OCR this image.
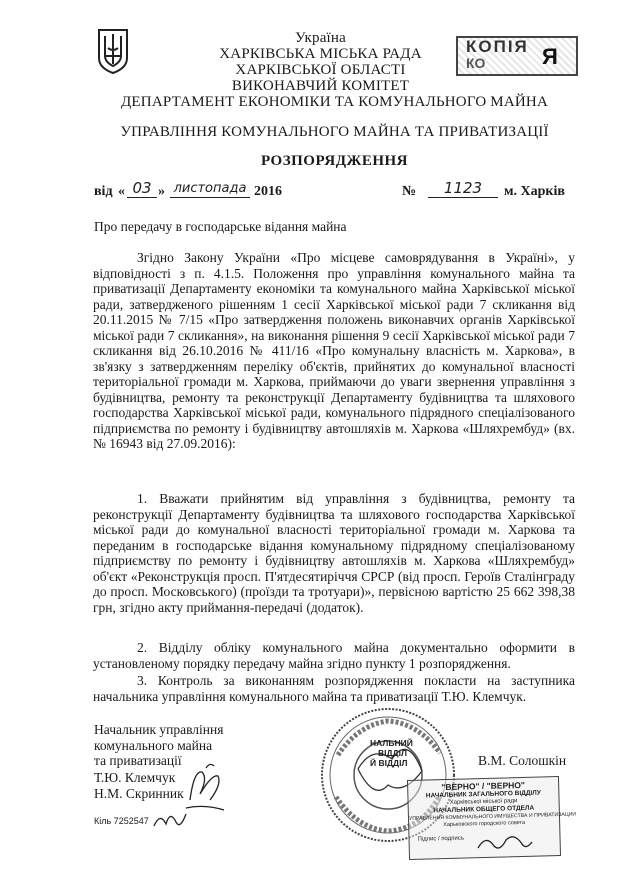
Україна
ХАРКІВСЬКА МІСЬКА РАДА
ХАРКІВСЬКОЇ ОБЛАСТІ
ВИКОНАВЧИЙ КОМІТЕТ
ДЕПАРТАМЕНТ ЕКОНОМІКИ ТА КОМУНАЛЬНОГО МАЙНА
УПРАВЛІННЯ КОМУНАЛЬНОГО МАЙНА ТА ПРИВАТИЗАЦІЇ
РОЗПОРЯДЖЕННЯ
КОПІЯ
КО	Я
від « 03 » листопада 2016	№	1123	м. Харків
Про передачу в господарське відання майна
Згідно Закону України «Про місцеве самоврядування в Україні», у відповідності з п. 4.1.5. Положення про управління комунального майна та приватизації Департаменту економіки та комунального майна Харківської міської ради, затвердженого рішенням 1 сесії Харківської міської ради 7 скликання від 20.11.2015 № 7/15 «Про затвердження положень виконавчих органів Харківської міської ради 7 скликання», на виконання рішення 9 сесії Харківської міської ради 7 скликання від 26.10.2016 № 411/16 «Про комунальну власність м. Харкова», в зв'язку з затвердженням переліку об'єктів, прийнятих до комунальної власності територіальної громади м. Харкова, приймаючи до уваги звернення управління з будівництва, ремонту та реконструкції Департаменту будівництва та шляхового господарства Харківської міської ради, комунального підрядного спеціалізованого підприємства по ремонту і будівництву автошляхів м. Харкова «Шляхрембуд» (вх. № 16943 від 27.09.2016):
1. Вважати прийнятим від управління з будівництва, ремонту та реконструкції Департаменту будівництва та шляхового господарства Харківської міської ради до комунальної власності територіальної громади м. Харкова та переданим в господарське відання комунальному підрядному спеціалізованому підприємству по ремонту і будівництву автошляхів м. Харкова «Шляхрембуд» об'єкт «Реконструкція просп. П'ятдесятиріччя СРСР (від просп. Героїв Сталінграду до просп. Московського) (проїзди та тротуари)», первісною вартістю 25 662 398,38 грн, згідно акту приймання-передачі (додаток).
2. Відділу обліку комунального майна документально оформити в установленому порядку передачу майна згідно пункту 1 розпорядження.
3. Контроль за виконанням розпорядження покласти на заступника начальника управління комунального майна та приватизації Т.Ю. Клемчук.
Начальник управління
комунального майна
та приватизації	В.М. Солошкін
Т.Ю. Клемчук
Н.М. Скринник
Кіль 7252547
НАЛЬНИЙ
ВІДДІЛ
Й ВІДДІЛ
"ВЕРНО" / "ВЕРНО"
НАЧАЛЬНИК ЗАГАЛЬНОГО ВІДДІЛУ
Харківської міської ради
НАЧАЛЬНИК ОБЩЕГО ОТДЕЛА
УПРАВЛЕНИЯ КОММУНАЛЬНОГО ИМУЩЕСТВА И ПРИВАТИЗАЦИИ
Харьковского городского совета
Підпис / подпись
